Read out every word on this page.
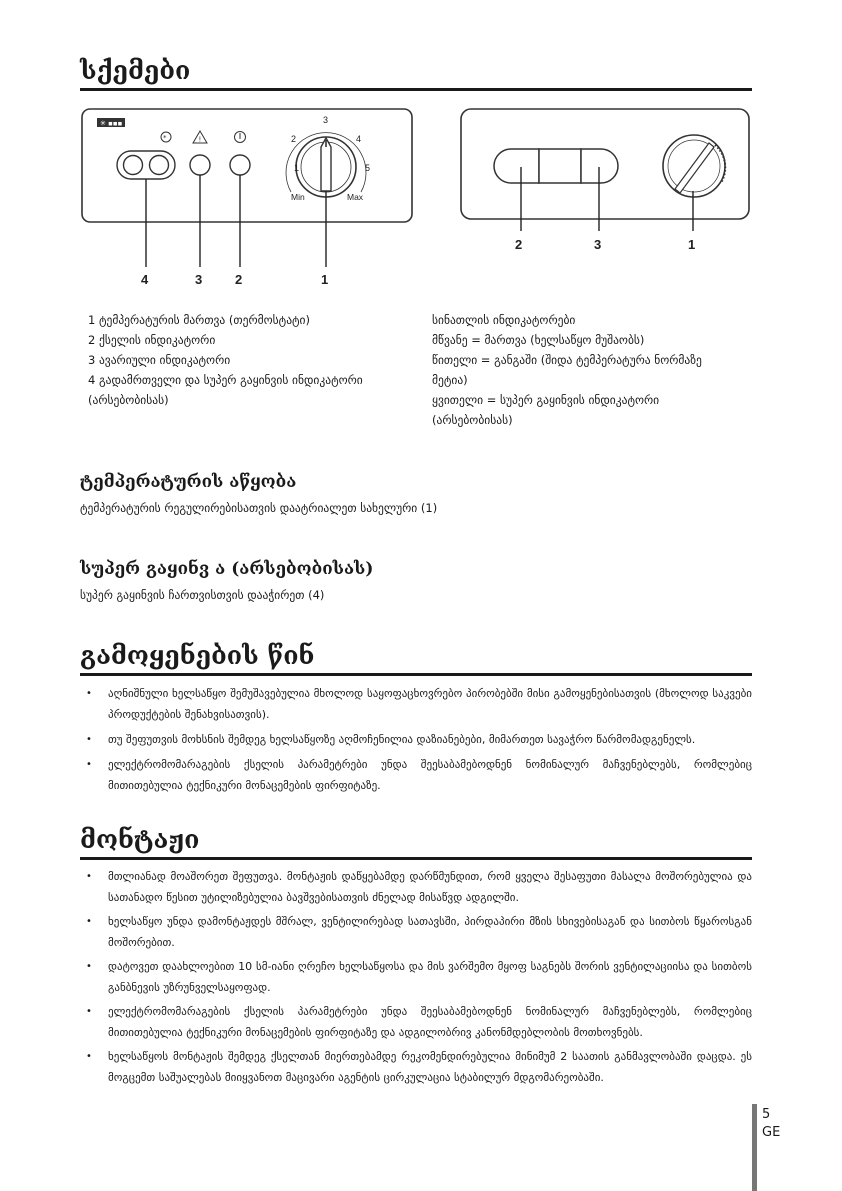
სქემები
✳ ▪▪▪
*	!
1
2
3
4
5
Min	Max
4	3	2	1
2	3	1
1 ტემპერატურის მართვა (თერმოსტატი)
2 ქსელის ინდიკატორი
3 ავარიული ინდიკატორი
4 გადამრთველი და სუპერ გაყინვის ინდიკატორი
(არსებობისას)
სინათლის ინდიკატორები
მწვანე = მართვა (ხელსაწყო მუშაობს)
წითელი = განგაში (შიდა ტემპერატურა ნორმაზე
მეტია)
ყვითელი = სუპერ გაყინვის ინდიკატორი
(არსებობისას)
ტემპერატურის აწყობა
ტემპერატურის რეგულირებისათვის დაატრიალეთ სახელური (1)
სუპერ გაყინვ ა (არსებობისას)
სუპერ გაყინვის ჩართვისთვის დააჭირეთ (4)
გამოყენების წინ
• აღნიშნული ხელსაწყო შემუშავებულია მხოლოდ საყოფაცხოვრებო პირობებში მისი გამოყენებისათვის (მხოლოდ საკვები პროდუქტების შენახვისათვის).
• თუ შეფუთვის მოხსნის შემდეგ ხელსაწყოზე აღმოჩენილია დაზიანებები, მიმართეთ სავაჭრო წარმომადგენელს.
• ელექტრომომარაგების ქსელის პარამეტრები უნდა შეესაბამებოდნენ ნომინალურ მაჩვენებლებს, რომლებიც მითითებულია ტექნიკური მონაცემების ფირფიტაზე.
მონტაჟი
• მთლიანად მოაშორეთ შეფუთვა. მონტაჟის დაწყებამდე დარწმუნდით, რომ ყველა შესაფუთი მასალა მოშორებულია და სათანადო წესით უტილიზებულია ბავშვებისათვის ძნელად მისაწვდ ადგილში.
• ხელსაწყო უნდა დამონტაჟდეს მშრალ, ვენტილირებად სათავსში, პირდაპირი მზის სხივებისაგან და სითბოს წყაროსგან მოშორებით.
• დატოვეთ დაახლოებით 10 სმ-იანი ღრეჩო ხელსაწყოსა და მის ვარშემო მყოფ საგნებს შორის ვენტილაციისა და სითბოს განბნევის უზრუნველსაყოფად.
• ელექტრომომარაგების ქსელის პარამეტრები უნდა შეესაბამებოდნენ ნომინალურ მაჩვენებლებს, რომლებიც მითითებულია ტექნიკური მონაცემების ფირფიტაზე და ადგილობრივ კანონმდებლობის მოთხოვნებს.
• ხელსაწყოს მონტაჟის შემდეგ ქსელთან მიერთებამდე რეკომენდირებულია მინიმუმ 2 საათის განმავლობაში დაცდა. ეს მოგცემთ საშუალებას მიიყვანოთ მაცივარი აგენტის ცირკულაცია სტაბილურ მდგომარეობაში.
5
GE
